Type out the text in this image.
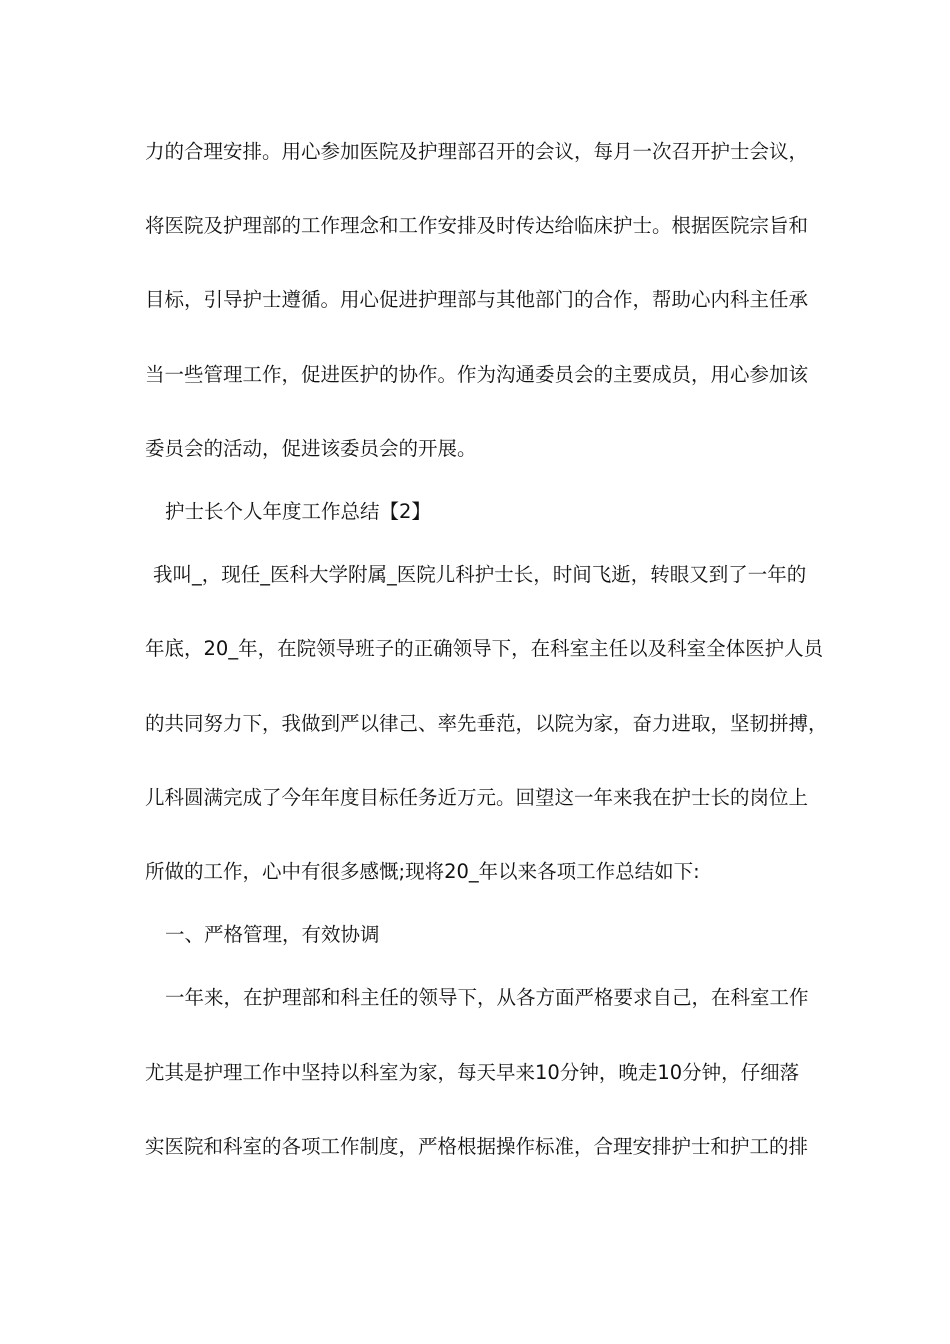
力的合理安排。用心参加医院及护理部召开的会议，每月一次召开护士会议，
将医院及护理部的工作理念和工作安排及时传达给临床护士。根据医院宗旨和
目标，引导护士遵循。用心促进护理部与其他部门的合作，帮助心内科主任承
当一些管理工作，促进医护的协作。作为沟通委员会的主要成员，用心参加该
委员会的活动，促进该委员会的开展。
护士长个人年度工作总结【2】
我叫_，现任_医科大学附属_医院儿科护士长，时间飞逝，转眼又到了一年的
年底，20_年，在院领导班子的正确领导下，在科室主任以及科室全体医护人员
的共同努力下，我做到严以律己、率先垂范，以院为家，奋力进取，坚韧拼搏，
儿科圆满完成了今年年度目标任务近万元。回望这一年来我在护士长的岗位上
所做的工作，心中有很多感慨;现将20_年以来各项工作总结如下:
一、严格管理，有效协调
一年来，在护理部和科主任的领导下，从各方面严格要求自己，在科室工作
尤其是护理工作中坚持以科室为家，每天早来10分钟，晚走10分钟，仔细落
实医院和科室的各项工作制度，严格根据操作标准，合理安排护士和护工的排
